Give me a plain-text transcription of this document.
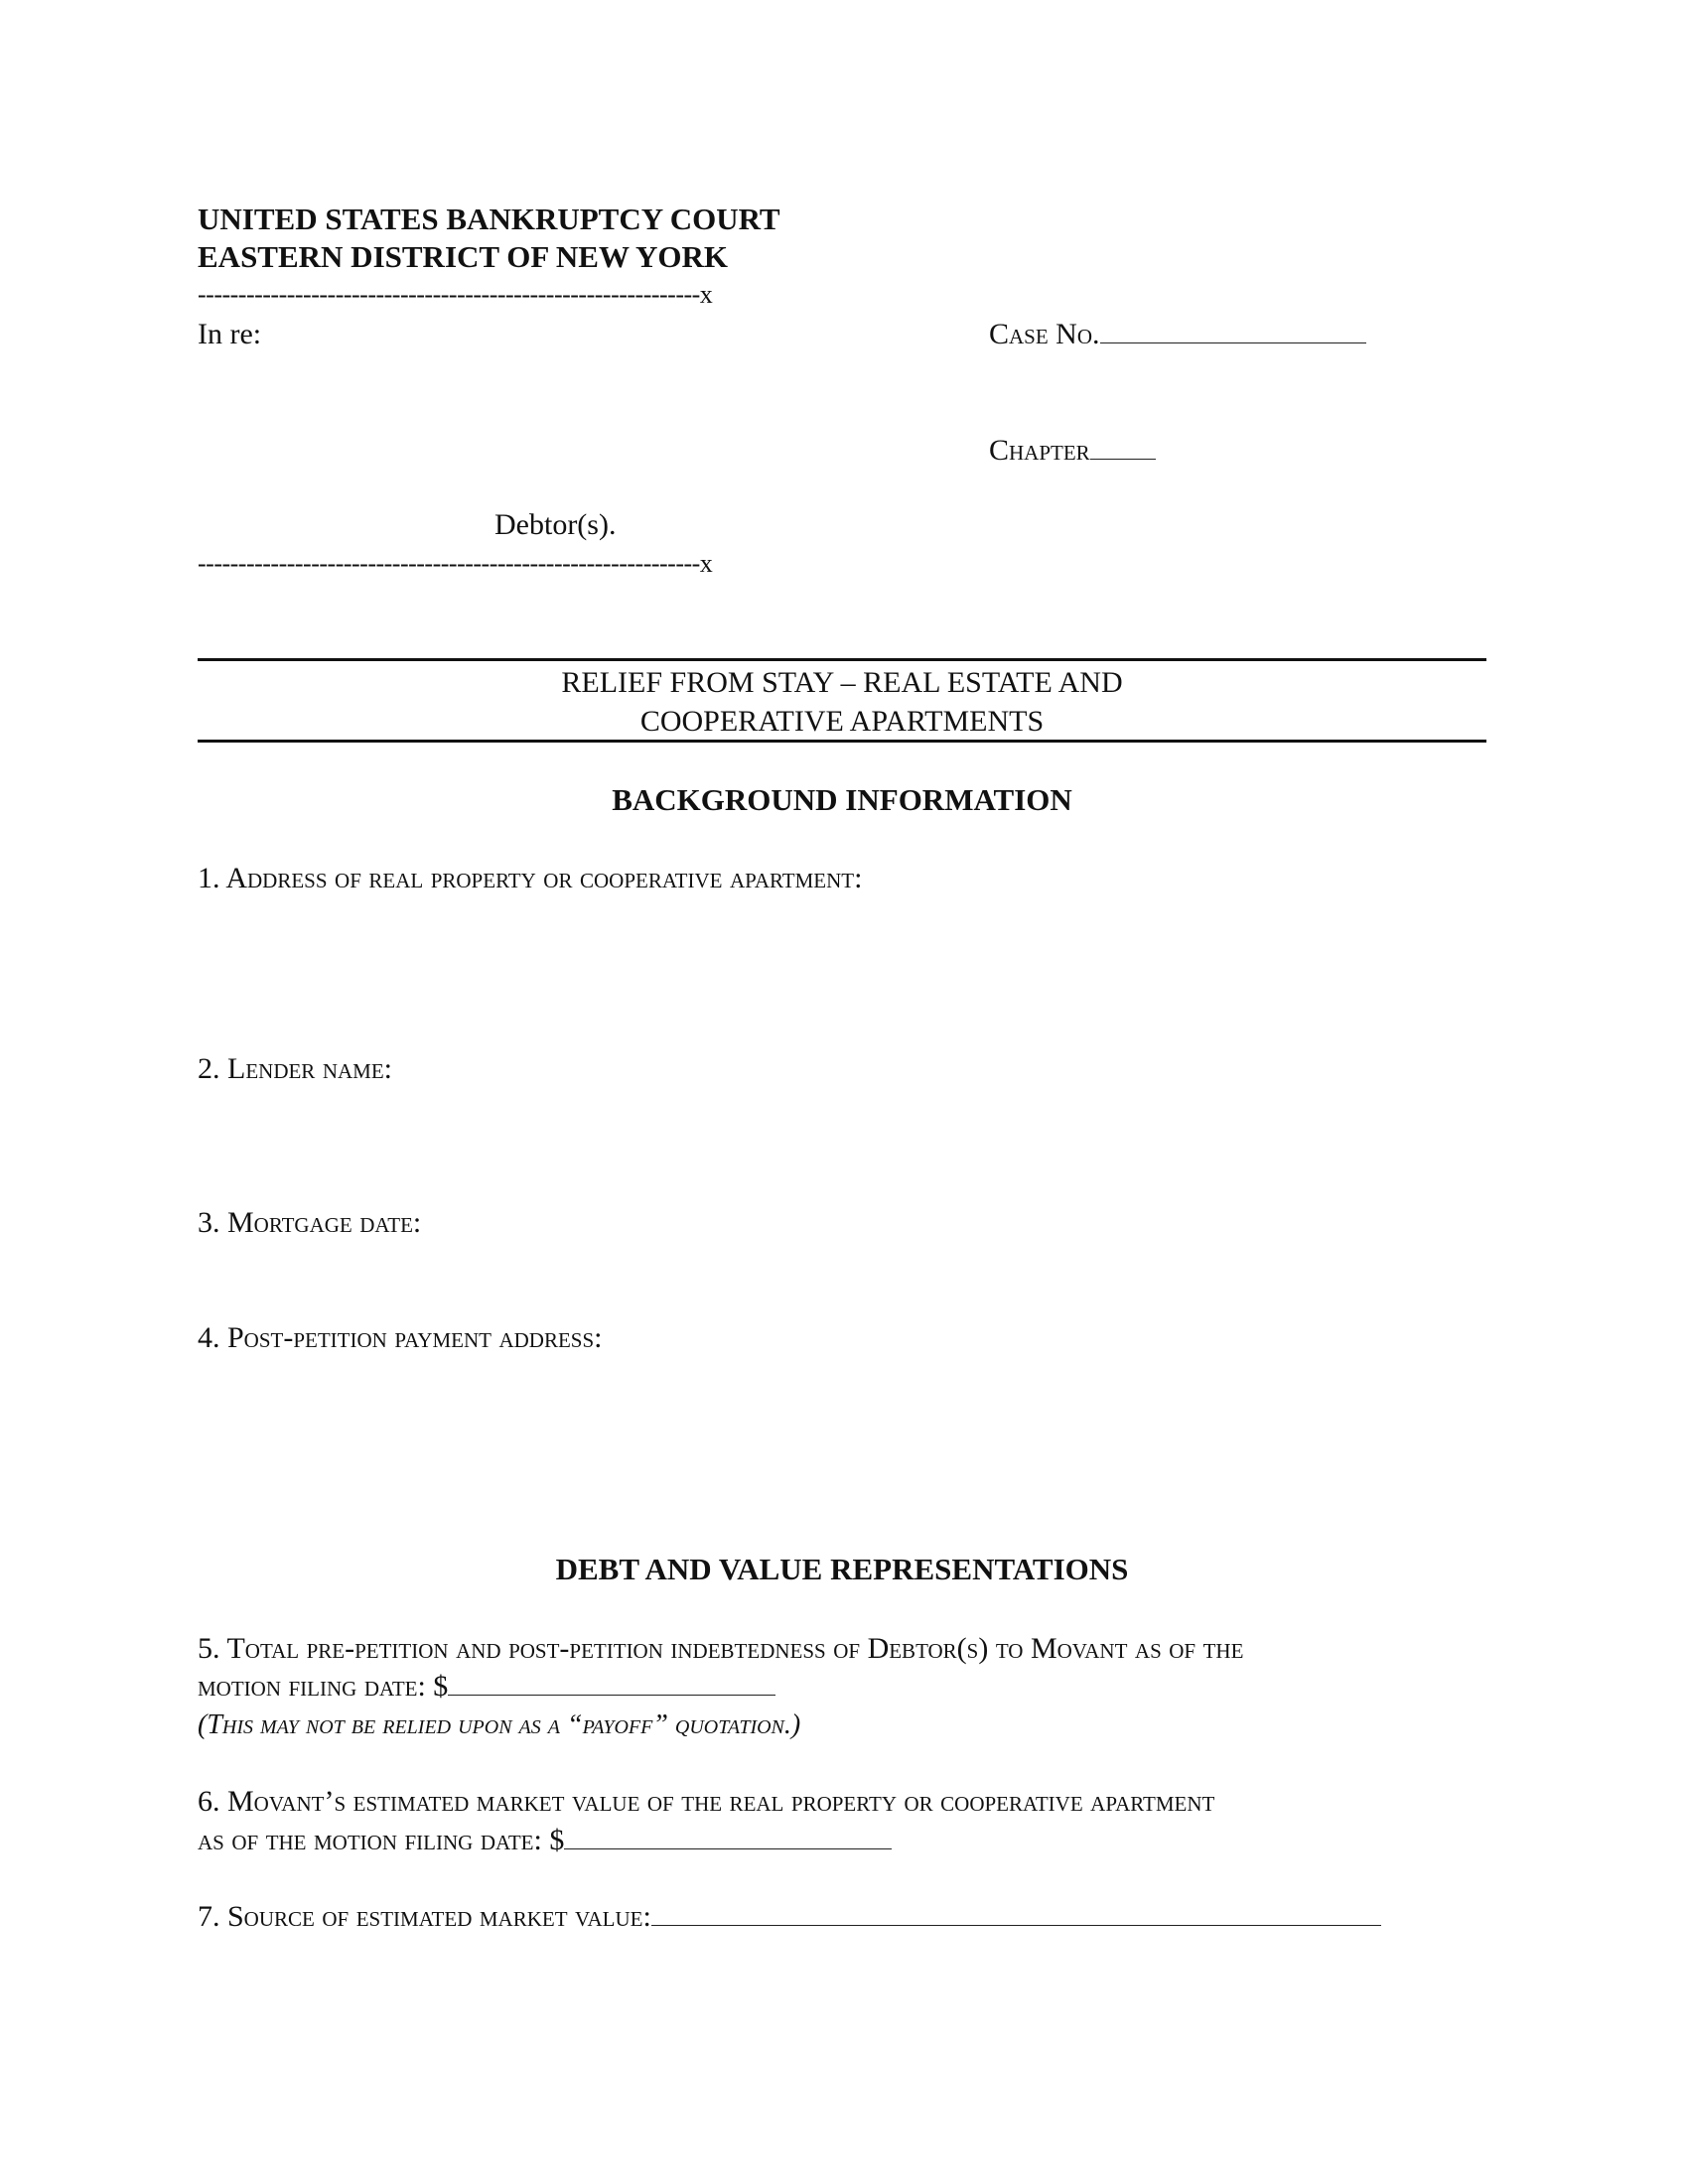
UNITED STATES BANKRUPTCY COURT
EASTERN DISTRICT OF NEW YORK
--------------------------------------------------------------x
In re:	Case No.
Chapter
Debtor(s).
--------------------------------------------------------------x
RELIEF FROM STAY – REAL ESTATE AND
COOPERATIVE APARTMENTS
BACKGROUND INFORMATION
1. Address of real property or cooperative apartment:
2. Lender name:
3. Mortgage date:
4. Post-petition payment address:
DEBT AND VALUE REPRESENTATIONS
5. Total pre-petition and post-petition indebtedness of Debtor(s) to Movant as of the
motion filing date: $
(This may not be relied upon as a “payoff” quotation.)
6. Movant’s estimated market value of the real property or cooperative apartment
as of the motion filing date: $
7. Source of estimated market value:
